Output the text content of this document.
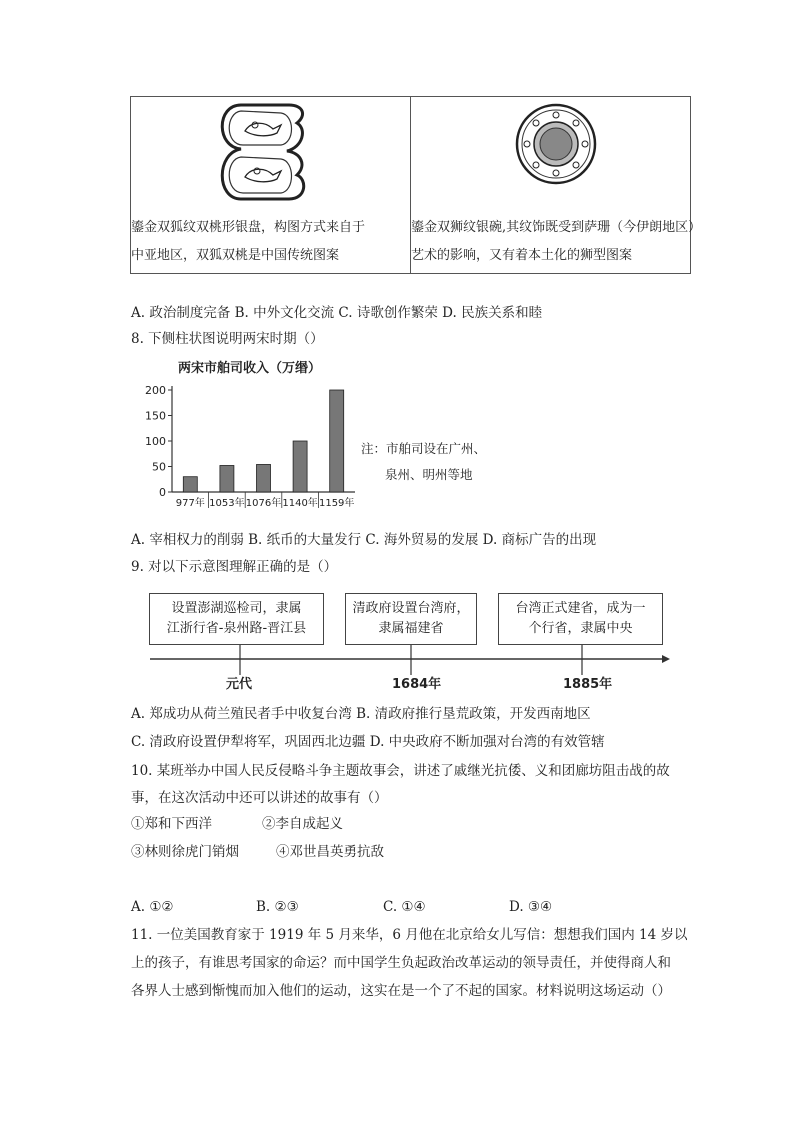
鎏金双狐纹双桃形银盘，构图方式来自于
中亚地区，双狐双桃是中国传统图案

鎏金双狮纹银碗,其纹饰既受到萨珊（今伊朗地区）
艺术的影响，又有着本土化的狮型图案
A. 政治制度完备 B. 中外文化交流 C. 诗歌创作繁荣 D. 民族关系和睦
8. 下侧柱状图说明两宋时期（）
两宋市舶司收入（万缗）
200
150
100
50
0
977年 1053年 1076年 1140年 1159年
注：市舶司设在广州、
泉州、明州等地
A. 宰相权力的削弱 B. 纸币的大量发行 C. 海外贸易的发展 D. 商标广告的出现
9. 对以下示意图理解正确的是（）
设置澎湖巡检司，隶属
江浙行省-泉州路-晋江县
清政府设置台湾府，
隶属福建省
台湾正式建省，成为一
个行省，隶属中央
元代	1684年	1885年
A. 郑成功从荷兰殖民者手中收复台湾 B. 清政府推行垦荒政策，开发西南地区
C. 清政府设置伊犁将军，巩固西北边疆 D. 中央政府不断加强对台湾的有效管辖
10. 某班举办中国人民反侵略斗争主题故事会，讲述了戚继光抗倭、义和团廊坊阻击战的故
事，在这次活动中还可以讲述的故事有（）
①郑和下西洋	②李自成起义
③林则徐虎门销烟	④邓世昌英勇抗敌
A. ①②	B. ②③	C. ①④	D. ③④
11. 一位美国教育家于 1919 年 5 月来华，6 月他在北京给女儿写信：想想我们国内 14 岁以
上的孩子，有谁思考国家的命运？而中国学生负起政治改革运动的领导责任，并使得商人和
各界人士感到惭愧而加入他们的运动，这实在是一个了不起的国家。材料说明这场运动（）
